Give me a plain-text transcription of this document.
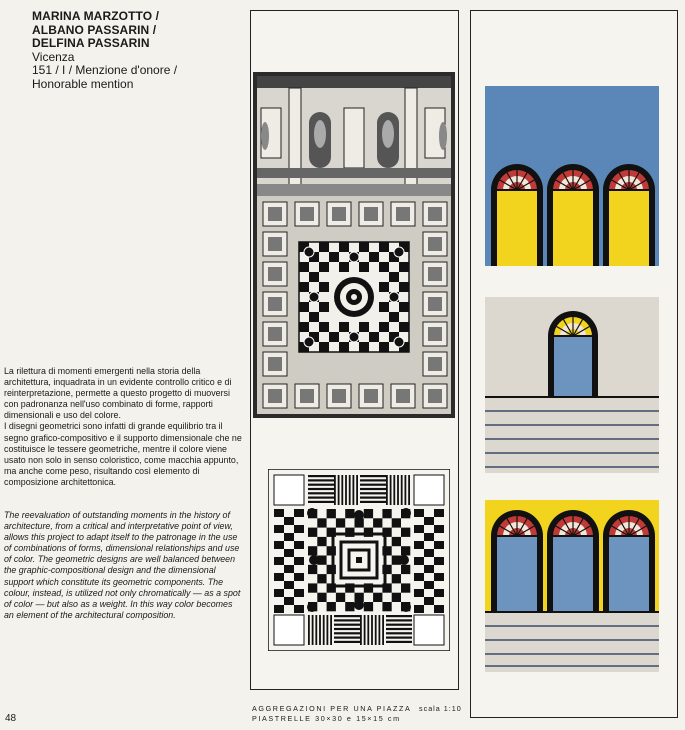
MARINA MARZOTTO /
ALBANO PASSARIN /
DELFINA PASSARIN
Vicenza
151 / I / Menzione d'onore /
Honorable mention

La rilettura di momenti emergenti nella storia della architettura, inquadrata in un evidente controllo critico e di reinterpretazione, permette a questo progetto di muoversi con padronanza nell'uso combinato di forme, rapporti dimensionali e uso del colore.

I disegni geometrici sono infatti di grande equilibrio tra il segno grafico-compositivo e il supporto dimensionale che ne costituisce le tessere geometriche, mentre il colore viene usato non solo in senso coloristico, come macchia appunto, ma anche come peso, risultando così elemento di composizione architettonica.

The reevaluation of outstanding moments in the history of architecture, from a critical and interpretative point of view, allows this project to adapt itself to the patronage in the use of combinations of forms, dimensional relationships and use of color. The geometric designs are well balanced between the graphic-compositional design and the dimensional support which constitute its geometric components. The colour, instead, is utilized not only chromatically — as a spot of color — but also as a weight. In this way color becomes an element of the architectural composition.

48
AGGREGAZIONI PER UNA PIAZZA scala 1:10
PIASTRELLE 30×30 e 15×15 cm
